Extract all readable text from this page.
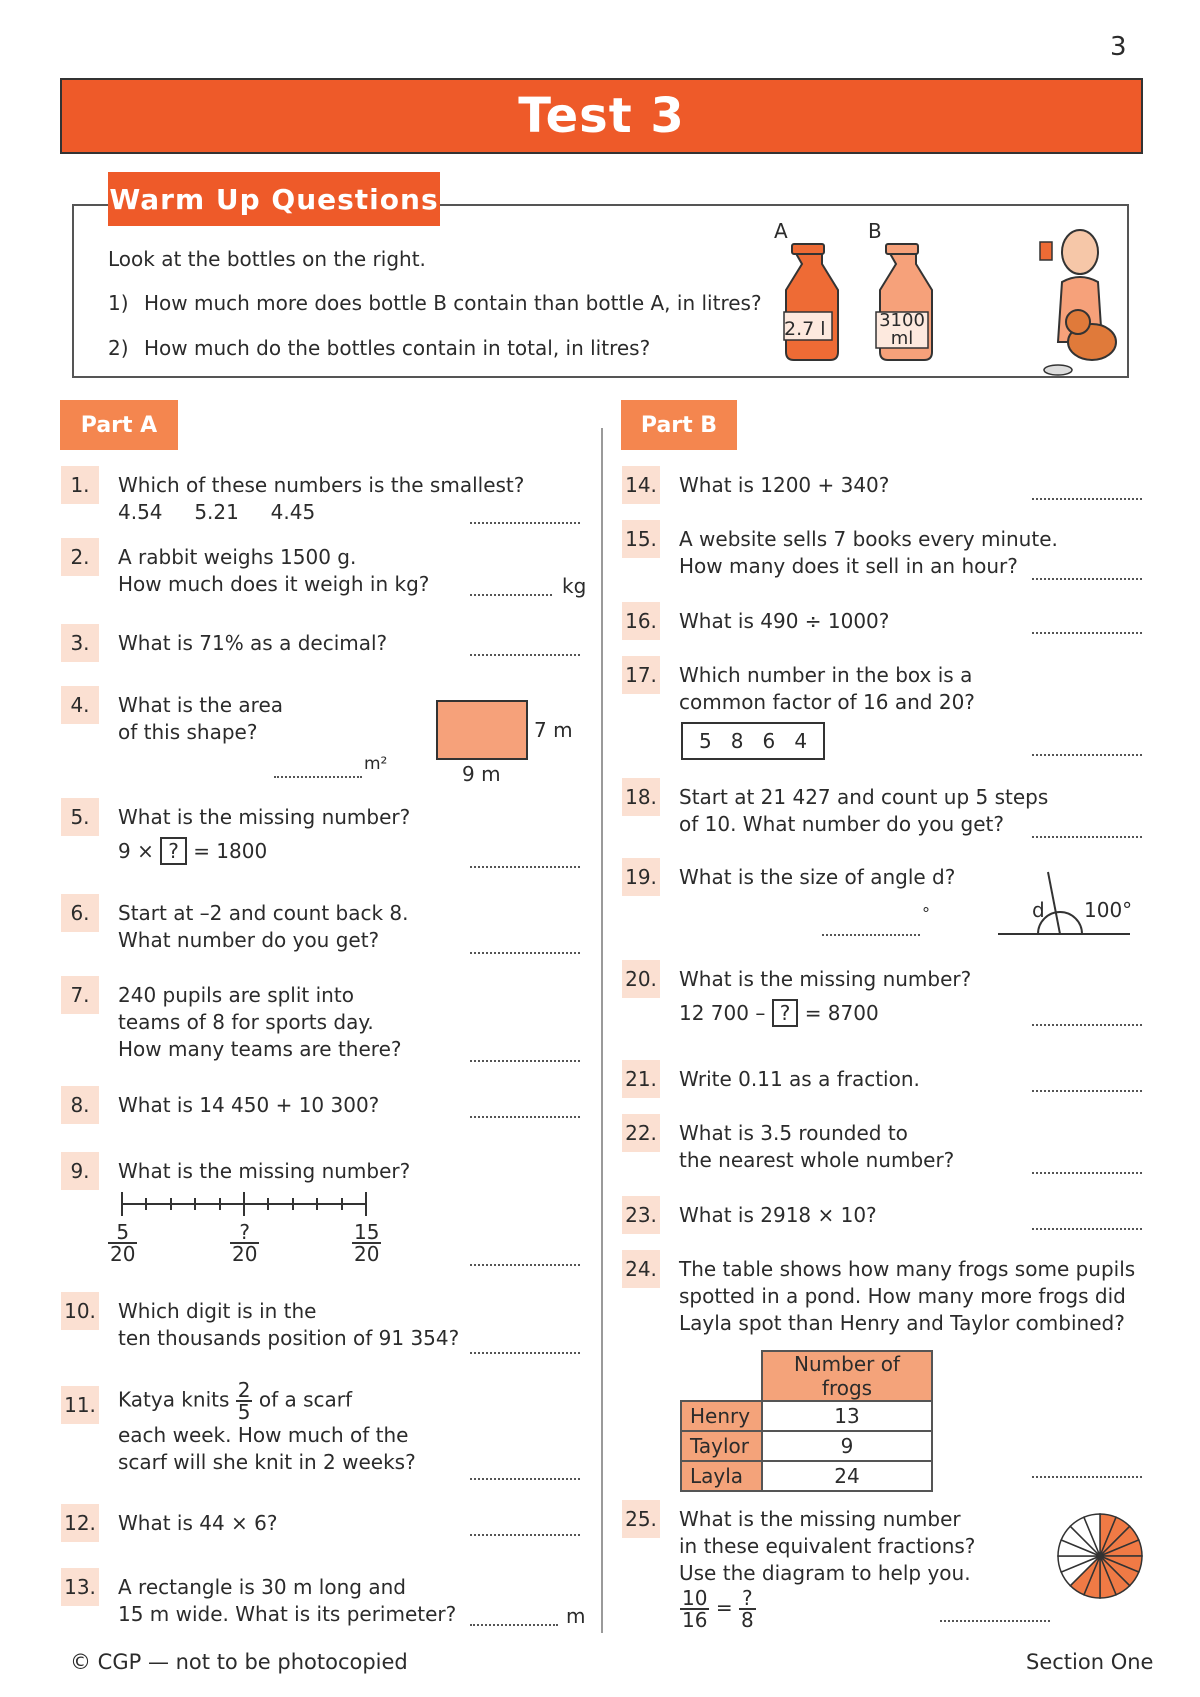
3
Test 3
Warm Up Questions
Look at the bottles on the right.
1) How much more does bottle B contain than bottle A, in litres?
2) How much do the bottles contain in total, in litres?
A	B
2.7 l	3100
ml
Part A	Part B
1.	Which of these numbers is the smallest?
4.54     5.21     4.45
2.	A rabbit weighs 1500 g.
How much does it weigh in kg?	kg
3.	What is 71% as a decimal?
4.	What is the area
of this shape?	7 m
9 m
m²
5.	What is the missing number?
9 × ? = 1800
6.	Start at –2 and count back 8.
What number do you get?
7.	240 pupils are split into
teams of 8 for sports day.
How many teams are there?
8.	What is 14 450 + 10 300?
9.	What is the missing number?
$\frac{5}{20}$	?
20	$\frac{15}{20}$
10. Which digit is in the
ten thousands position of 91 354?
11. Katya knits $\frac{2}{5}$ of a scarf
each week. How much of the
scarf will she knit in 2 weeks?
12. What is 44 × 6?
13. A rectangle is 30 m long and
15 m wide. What is its perimeter?	m
14. What is 1200 + 340?
15. A website sells 7 books every minute.
How many does it sell in an hour?
16. What is 490 ÷ 1000?
17. Which number in the box is a
common factor of 16 and 20?
5   8   6   4
18. Start at 21 427 and count up 5 steps
of 10. What number do you get?
19. What is the size of angle d?
d 100°
°
20. What is the missing number?
12 700 – ? = 8700
21. Write 0.11 as a fraction.
22. What is 3.5 rounded to
the nearest whole number?
23. What is 2918 × 10?
24. The table shows how many frogs some pupils
spotted in a pond. How many more frogs did
Layla spot than Henry and Taylor combined?
	Number of frogs
Henry	13
Taylor	9
Layla	24
25. What is the missing number
in these equivalent fractions?
Use the diagram to help you.
$\frac{10}{16} = \frac{?}{8}$
© CGP — not to be photocopied	Section One
